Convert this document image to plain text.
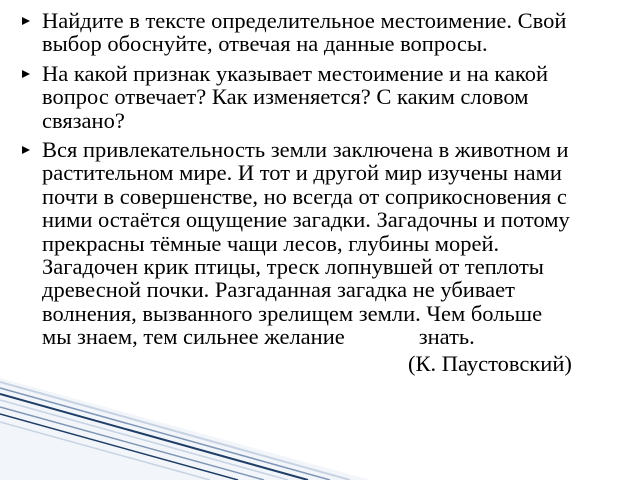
Найдите в тексте определительное местоимение. Свой
выбор обоснуйте, отвечая на данные вопросы.
На какой признак указывает местоимение и на какой
вопрос отвечает? Как изменяется? С каким словом
связано?
Вся привлекательность земли заключена в животном и
растительном мире. И тот и другой мир изучены нами
почти в совершенстве, но всегда от соприкосновения с
ними остаётся ощущение загадки. Загадочны и потому
прекрасны тёмные чащи лесов, глубины морей.
Загадочен крик птицы, треск лопнувшей от теплоты
древесной почки. Разгаданная загадка не убивает
волнения, вызванного зрелищем земли. Чем больше
мы знаем, тем сильнее желание	знать.
(К. Паустовский)
